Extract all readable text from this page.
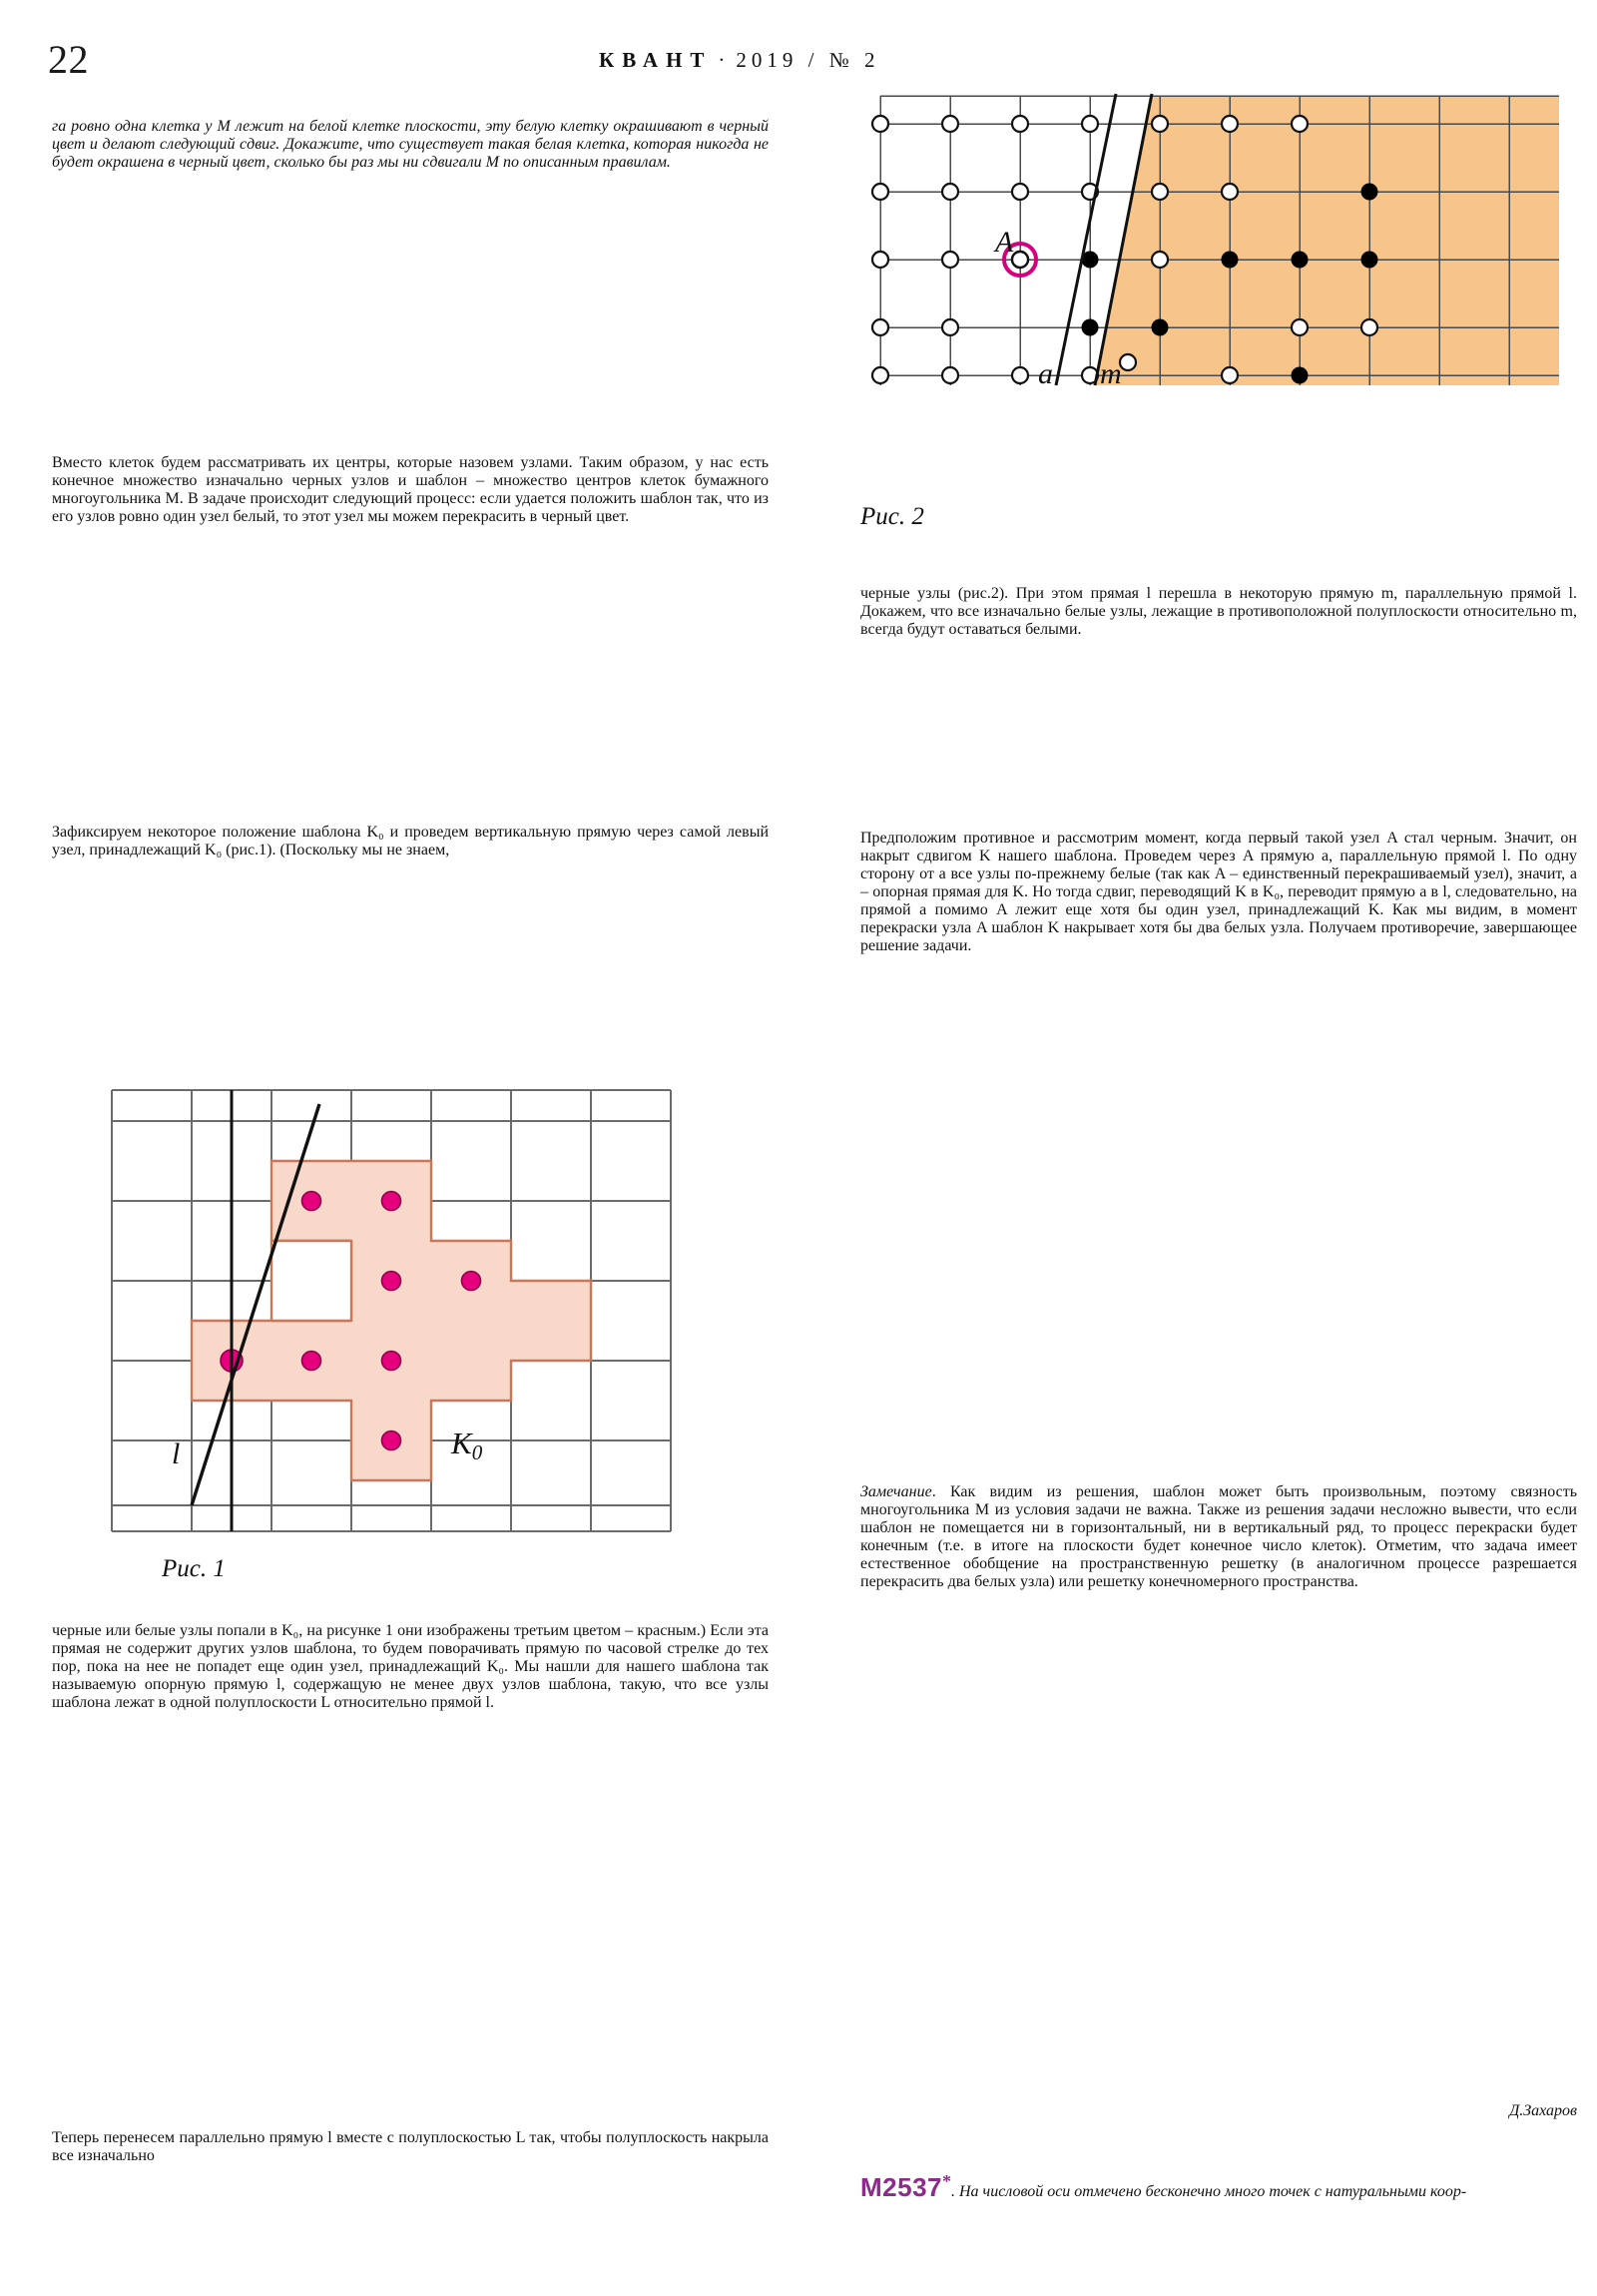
22	КВАНТ · 2019 / № 2

га ровно одна клетка у M лежит на белой клетке плоскости, эту белую клетку окрашивают в черный цвет и делают следующий сдвиг. Докажите, что существует такая белая клетка, которая никогда не будет окрашена в черный цвет, сколько бы раз мы ни сдвигали M по описанным правилам.

Вместо клеток будем рассматривать их центры, которые назовем узлами. Таким образом, у нас есть конечное множество изначально черных узлов и шаблон – множество центров клеток бумажного многоугольника M. В задаче происходит следующий процесс: если удается положить шаблон так, что из его узлов ровно один узел белый, то этот узел мы можем перекрасить в черный цвет.

Зафиксируем некоторое положение шаблона K₀ и проведем вертикальную прямую через самой левый узел, принадлежащий K₀ (рис.1). (Поскольку мы не знаем,

Рис. 1
l	$K_0$

черные или белые узлы попали в K₀, на рисунке 1 они изображены третьим цветом – красным.) Если эта прямая не содержит других узлов шаблона, то будем поворачивать прямую по часовой стрелке до тех пор, пока на нее не попадет еще один узел, принадлежащий K₀. Мы нашли для нашего шаблона так называемую опорную прямую l, содержащую не менее двух узлов шаблона, такую, что все узлы шаблона лежат в одной полуплоскости L относительно прямой l.

Теперь перенесем параллельно прямую l вместе с полуплоскостью L так, чтобы полуплоскость накрыла все изначально

A
a m
Рис. 2

черные узлы (рис.2). При этом прямая l перешла в некоторую прямую m, параллельную прямой l. Докажем, что все изначально белые узлы, лежащие в противоположной полуплоскости относительно m, всегда будут оставаться белыми.

Предположим противное и рассмотрим момент, когда первый такой узел A стал черным. Значит, он накрыт сдвигом K нашего шаблона. Проведем через A прямую a, параллельную прямой l. По одну сторону от a все узлы по-прежнему белые (так как A – единственный перекрашиваемый узел), значит, a – опорная прямая для K. Но тогда сдвиг, переводящий K в K₀, переводит прямую a в l, следовательно, на прямой a помимо A лежит еще хотя бы один узел, принадлежащий K. Как мы видим, в момент перекраски узла A шаблон K накрывает хотя бы два белых узла. Получаем противоречие, завершающее решение задачи.

Замечание. Как видим из решения, шаблон может быть произвольным, поэтому связность многоугольника M из условия задачи не важна. Также из решения задачи несложно вывести, что если шаблон не помещается ни в горизонтальный, ни в вертикальный ряд, то процесс перекраски будет конечным (т.е. в итоге на плоскости будет конечное число клеток). Отметим, что задача имеет естественное обобщение на пространственную решетку (в аналогичном процессе разрешается перекрасить два белых узла) или решетку конечномерного пространства.

Д.Захаров

M2537*. На числовой оси отмечено бесконечно много точек с натуральными коор-
